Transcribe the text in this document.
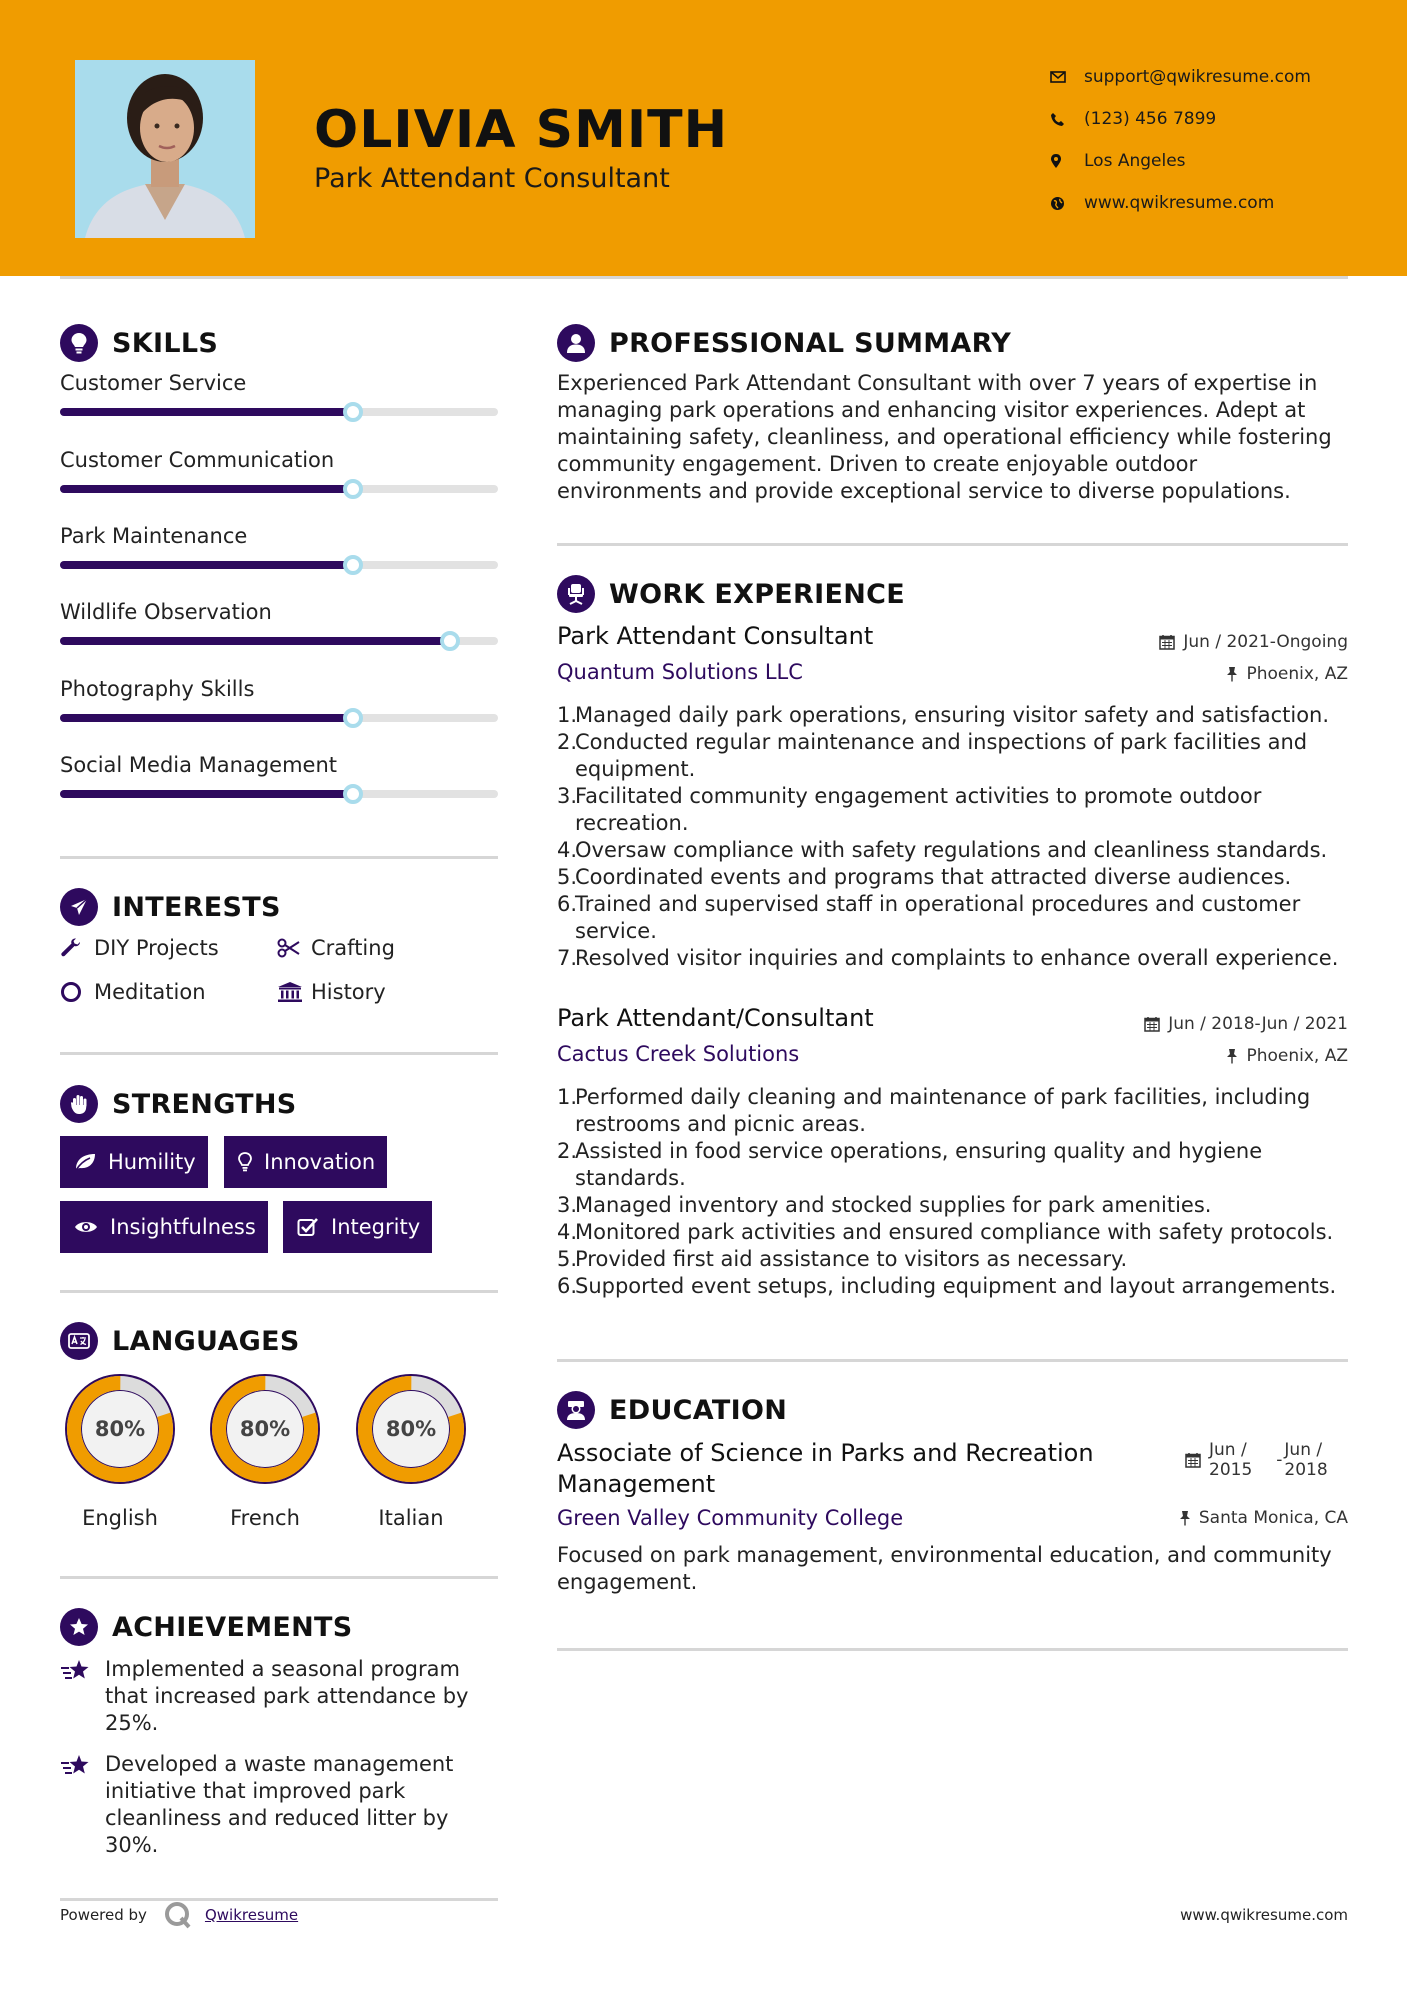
OLIVIA SMITH
Park Attendant Consultant
support@qwikresume.com
(123) 456 7899
Los Angeles
www.qwikresume.com
SKILLS
Customer Service
Customer Communication
Park Maintenance
Wildlife Observation
Photography Skills
Social Media Management
INTERESTS
DIY Projects	Crafting
Meditation	History
STRENGTHS
Humility	Innovation
Insightfulness	Integrity
LANGUAGES
80%
English
80%
French
80%
Italian
ACHIEVEMENTS
Implemented a seasonal program that increased park attendance by 25%.
Developed a waste management initiative that improved park cleanliness and reduced litter by 30%.
PROFESSIONAL SUMMARY
Experienced Park Attendant Consultant with over 7 years of expertise in managing park operations and enhancing visitor experiences. Adept at maintaining safety, cleanliness, and operational efficiency while fostering community engagement. Driven to create enjoyable outdoor environments and provide exceptional service to diverse populations.
WORK EXPERIENCE
Park Attendant Consultant	Jun / 2021-Ongoing
Quantum Solutions LLC	Phoenix, AZ
1.
Managed daily park operations, ensuring visitor safety and satisfaction.
2.
Conducted regular maintenance and inspections of park facilities and equipment.
3.
Facilitated community engagement activities to promote outdoor recreation.
4.
Oversaw compliance with safety regulations and cleanliness standards.
5.
Coordinated events and programs that attracted diverse audiences.
6.
Trained and supervised staff in operational procedures and customer service.
7.
Resolved visitor inquiries and complaints to enhance overall experience.
Park Attendant/Consultant	Jun / 2018-Jun / 2021
Cactus Creek Solutions	Phoenix, AZ
1.
Performed daily cleaning and maintenance of park facilities, including restrooms and picnic areas.
2.
Assisted in food service operations, ensuring quality and hygiene standards.
3.
Managed inventory and stocked supplies for park amenities.
4.
Monitored park activities and ensured compliance with safety protocols.
5.
Provided first aid assistance to visitors as necessary.
6.
Supported event setups, including equipment and layout arrangements.
EDUCATION
Associate of Science in Parks and Recreation Management
Jun /
2015 - Jun /
2018
Green Valley Community College	Santa Monica, CA
Focused on park management, environmental education, and community engagement.
Powered by	Qwikresume	www.qwikresume.com
